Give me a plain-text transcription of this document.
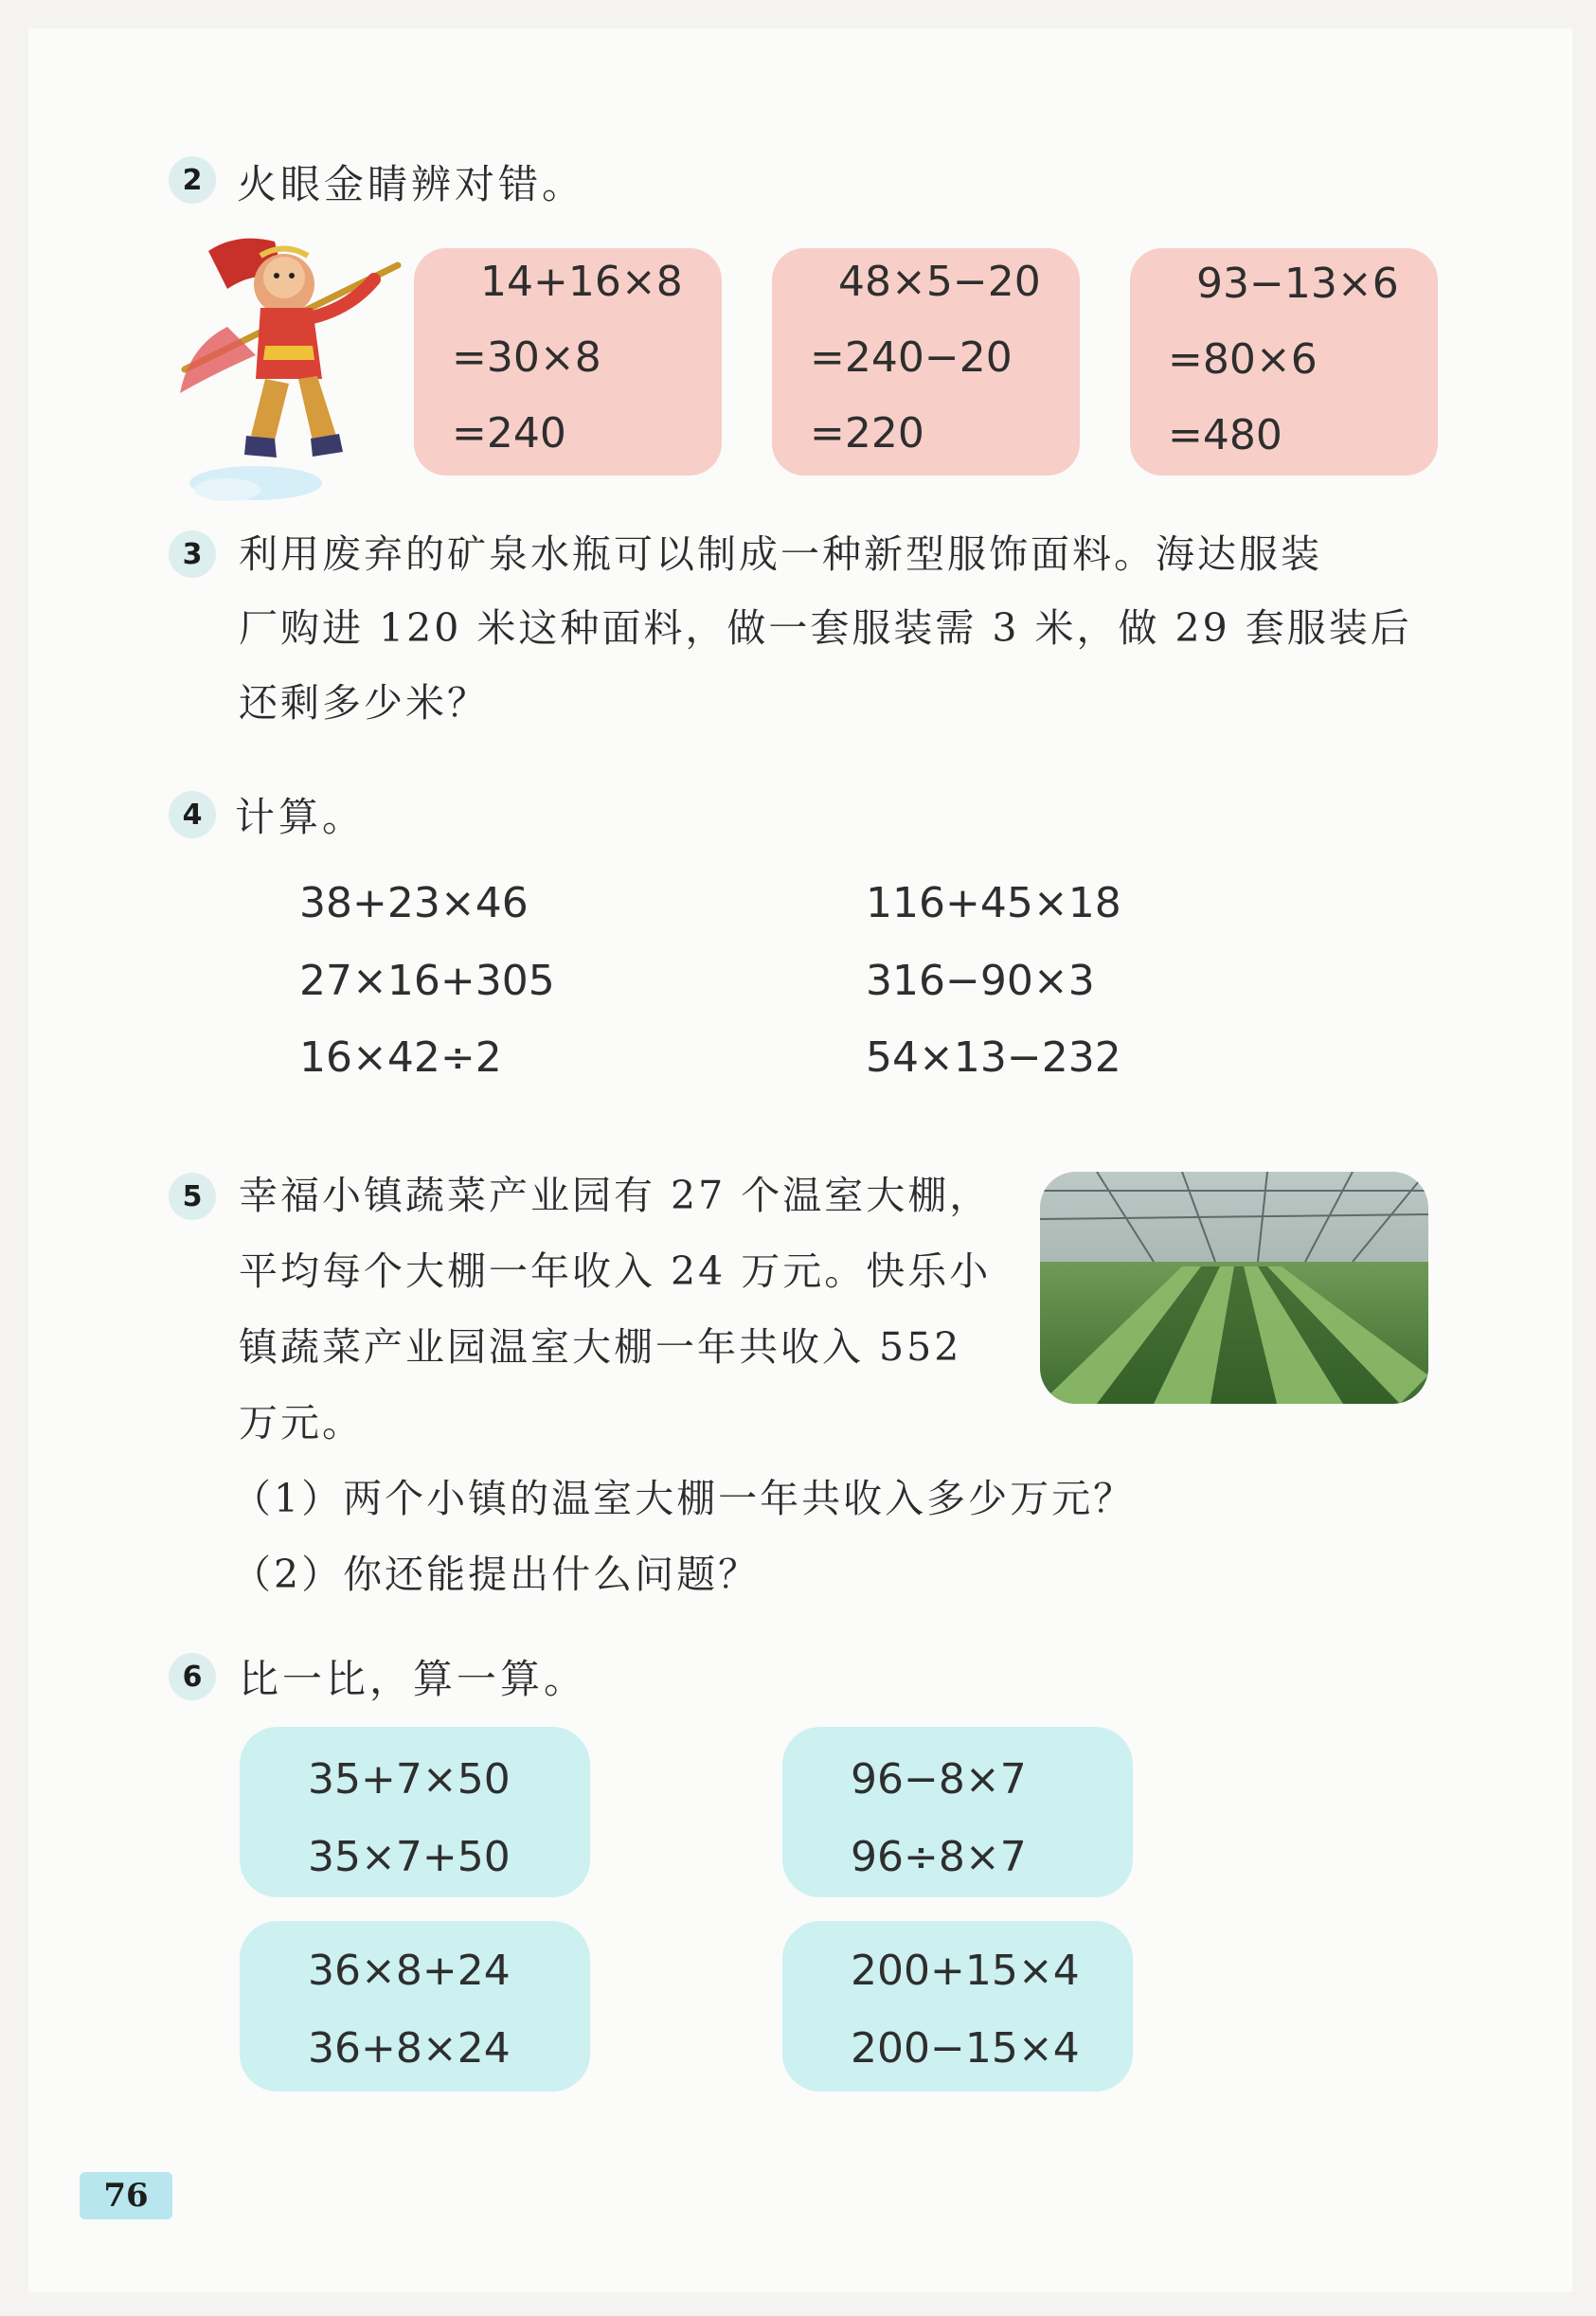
2 火眼金睛辨对错。
14+16×8
=30×8
=240
48×5−20
=240−20
=220
93−13×6
=80×6
=480
3 利用废弃的矿泉水瓶可以制成一种新型服饰面料。海达服装
厂购进 120 米这种面料，做一套服装需 3 米，做 29 套服装后
还剩多少米？
4 计算。
38+23×46
27×16+305
16×42÷2
116+45×18
316−90×3
54×13−232
5 幸福小镇蔬菜产业园有 27 个温室大棚，
平均每个大棚一年收入 24 万元。快乐小
镇蔬菜产业园温室大棚一年共收入 552
万元。
（1）两个小镇的温室大棚一年共收入多少万元？
（2）你还能提出什么问题？
6 比一比，算一算。
35+7×50
35×7+50
96−8×7
96÷8×7
36×8+24
36+8×24
200+15×4
200−15×4
76
